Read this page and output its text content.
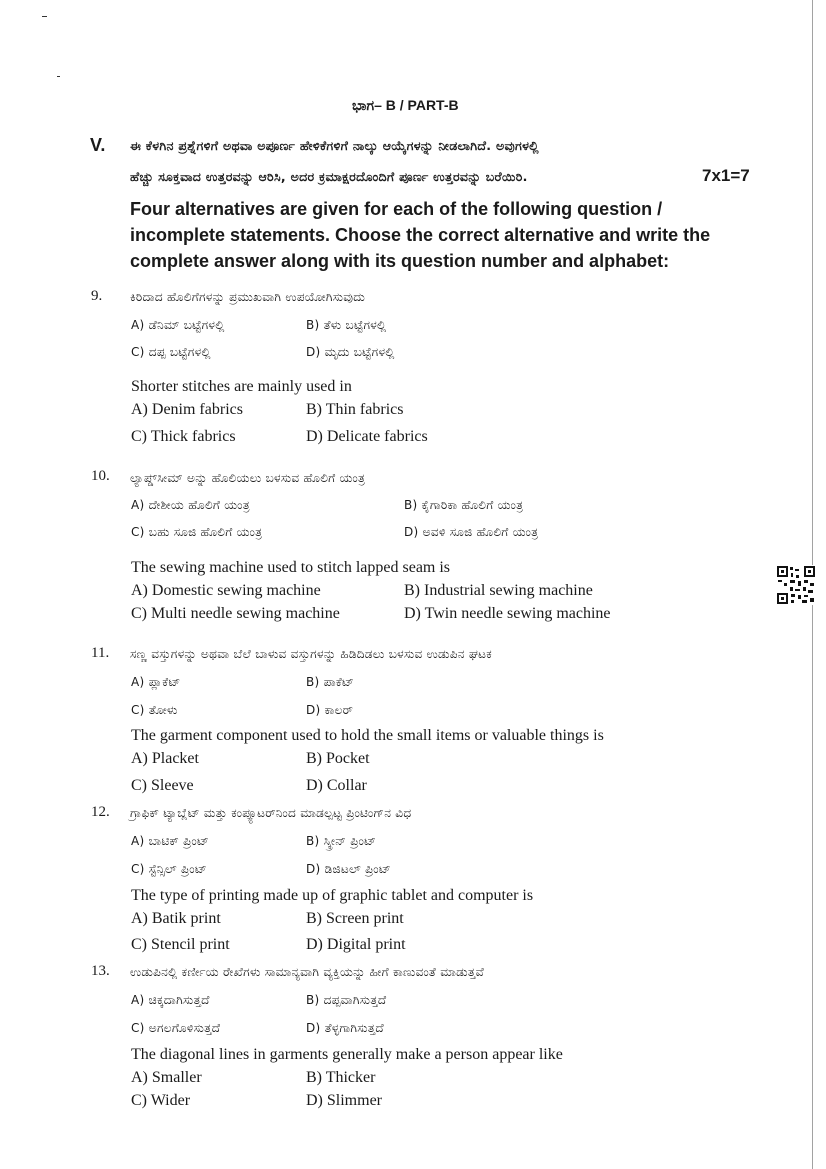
ಭಾಗ– B / PART-B
V. ಈ ಕೆಳಗಿನ ಪ್ರಶ್ನೆಗಳಿಗೆ ಅಥವಾ ಅಪೂರ್ಣ ಹೇಳಿಕೆಗಳಿಗೆ ನಾಲ್ಕು ಆಯ್ಕೆಗಳನ್ನು ನೀಡಲಾಗಿದೆ. ಅವುಗಳಲ್ಲಿ
ಹೆಚ್ಚು ಸೂಕ್ತವಾದ ಉತ್ತರವನ್ನು ಆರಿಸಿ, ಅದರ ಕ್ರಮಾಕ್ಷರದೊಂದಿಗೆ ಪೂರ್ಣ ಉತ್ತರವನ್ನು ಬರೆಯಿರಿ.	7x1=7
Four alternatives are given for each of the following question /
incomplete statements. Choose the correct alternative and write the
complete answer along with its question number and alphabet:
9. ಕಿರಿದಾದ ಹೊಲಿಗೆಗಳನ್ನು ಪ್ರಮುಖವಾಗಿ ಉಪಯೋಗಿಸುವುದು
A) ಡೆನಿಮ್ ಬಟ್ಟೆಗಳಲ್ಲಿ	B) ತೆಳು ಬಟ್ಟೆಗಳಲ್ಲಿ
C) ದಪ್ಪ ಬಟ್ಟೆಗಳಲ್ಲಿ	D) ಮೃದು ಬಟ್ಟೆಗಳಲ್ಲಿ
Shorter stitches are mainly used in
A) Denim fabrics	B) Thin fabrics
C) Thick fabrics	D) Delicate fabrics
10. ಲ್ಯಾಪ್ಡ್‌ಸೀಮ್ ಅನ್ನು ಹೊಲಿಯಲು ಬಳಸುವ ಹೊಲಿಗೆ ಯಂತ್ರ
A) ದೇಶೀಯ ಹೊಲಿಗೆ ಯಂತ್ರ	B) ಕೈಗಾರಿಕಾ ಹೊಲಿಗೆ ಯಂತ್ರ
C) ಬಹು ಸೂಜಿ ಹೊಲಿಗೆ ಯಂತ್ರ	D) ಅವಳಿ ಸೂಜಿ ಹೊಲಿಗೆ ಯಂತ್ರ
The sewing machine used to stitch lapped seam is
A) Domestic sewing machine	B) Industrial sewing machine
C) Multi needle sewing machine	D) Twin needle sewing machine
11. ಸಣ್ಣ ವಸ್ತುಗಳನ್ನು ಅಥವಾ ಬೆಲೆ ಬಾಳುವ ವಸ್ತುಗಳನ್ನು ಹಿಡಿದಿಡಲು ಬಳಸುವ ಉಡುಪಿನ ಘಟಕ
A) ಪ್ಲಾಕೆಟ್	B) ಪಾಕೆಟ್
C) ತೋಳು	D) ಕಾಲರ್
The garment component used to hold the small items or valuable things is
A) Placket	B) Pocket
C) Sleeve	D) Collar
12. ಗ್ರಾಫಿಕ್ ಟ್ಯಾಬ್ಲೆಟ್ ಮತ್ತು ಕಂಪ್ಯೂಟರ್‌ನಿಂದ ಮಾಡಲ್ಪಟ್ಟ ಪ್ರಿಂಟಿಂಗ್‌ನ ವಿಧ
A) ಬಾಟಿಕ್ ಪ್ರಿಂಟ್	B) ಸ್ಕ್ರೀನ್ ಪ್ರಿಂಟ್
C) ಸ್ಟೆನ್ಸಿಲ್ ಪ್ರಿಂಟ್	D) ಡಿಜಿಟಲ್ ಪ್ರಿಂಟ್
The type of printing made up of graphic tablet and computer is
A) Batik print	B) Screen print
C) Stencil print	D) Digital print
13. ಉಡುಪಿನಲ್ಲಿ ಕರ್ಣೀಯ ರೇಖೆಗಳು ಸಾಮಾನ್ಯವಾಗಿ ವ್ಯಕ್ತಿಯನ್ನು ಹೀಗೆ ಕಾಣುವಂತೆ ಮಾಡುತ್ತವೆ
A) ಚಿಕ್ಕದಾಗಿಸುತ್ತದೆ	B) ದಪ್ಪವಾಗಿಸುತ್ತದೆ
C) ಅಗಲಗೊಳಿಸುತ್ತದೆ	D) ತೆಳ್ಳಗಾಗಿಸುತ್ತದೆ
The diagonal lines in garments generally make a person appear like
A) Smaller	B) Thicker
C) Wider	D) Slimmer
